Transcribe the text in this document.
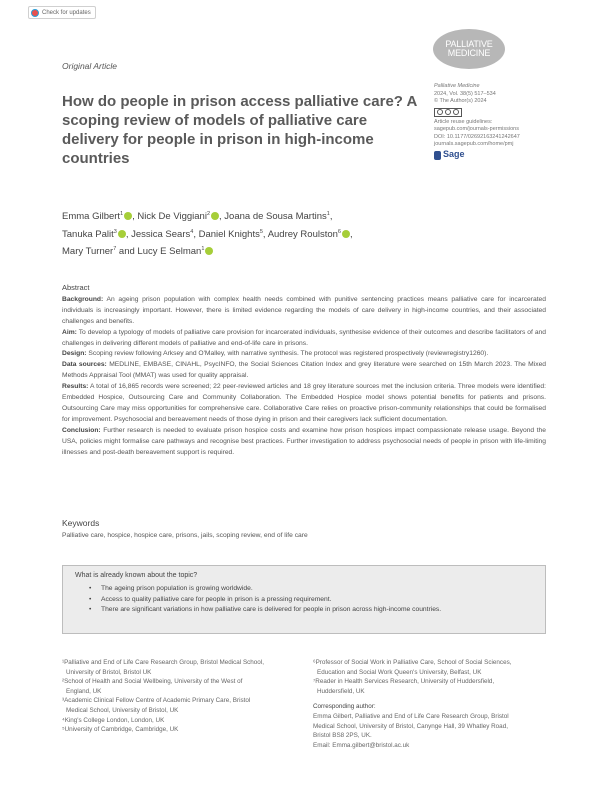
Check for updates
PALLIATIVE
MEDICINE
Original Article
How do people in prison access palliative care? A scoping review of models of palliative care delivery for people in prison in high-income countries
Palliative Medicine
2024, Vol. 38(5) 517–534
© The Author(s) 2024
Article reuse guidelines:
sagepub.com/journals-permissions
DOI: 10.1177/02692163241242647
journals.sagepub.com/home/pmj
Sage
Emma Gilbert$^1$ , Nick De Viggiani$^2$ , Joana de Sousa Martins$^1$,
Tanuka Palit$^3$ , Jessica Sears$^4$, Daniel Knights$^5$, Audrey Roulston$^6$ ,
Mary Turner$^7$ and Lucy E Selman$^1$
Abstract
Background: An ageing prison population with complex health needs combined with punitive sentencing practices means palliative care for incarcerated individuals is increasingly important. However, there is limited evidence regarding the models of care delivery in high-income countries, and their associated challenges and benefits.
Aim: To develop a typology of models of palliative care provision for incarcerated individuals, synthesise evidence of their outcomes and describe facilitators of and challenges in delivering different models of palliative and end-of-life care in prisons.
Design: Scoping review following Arksey and O'Malley, with narrative synthesis. The protocol was registered prospectively (reviewregistry1260).
Data sources: MEDLINE, EMBASE, CINAHL, PsycINFO, the Social Sciences Citation Index and grey literature were searched on 15th March 2023. The Mixed Methods Appraisal Tool (MMAT) was used for quality appraisal.
Results: A total of 16,865 records were screened; 22 peer-reviewed articles and 18 grey literature sources met the inclusion criteria. Three models were identified: Embedded Hospice, Outsourcing Care and Community Collaboration. The Embedded Hospice model shows potential benefits for patients and prisons. Outsourcing Care may miss opportunities for comprehensive care. Collaborative Care relies on proactive prison-community relationships that could be formalised for improvement. Psychosocial and bereavement needs of those dying in prison and their caregivers lack sufficient documentation.
Conclusion: Further research is needed to evaluate prison hospice costs and examine how prison hospices impact compassionate release usage. Beyond the USA, policies might formalise care pathways and recognise best practices. Further investigation to address psychosocial needs of people in prison with life-limiting illnesses and post-death bereavement support is required.
Keywords
Palliative care, hospice, hospice care, prisons, jails, scoping review, end of life care
What is already known about the topic?
• The ageing prison population is growing worldwide.
• Access to quality palliative care for people in prison is a pressing requirement.
• There are significant variations in how palliative care is delivered for people in prison across high-income countries.
¹Palliative and End of Life Care Research Group, Bristol Medical School,
University of Bristol, Bristol UK
²School of Health and Social Wellbeing, University of the West of
England, UK
³Academic Clinical Fellow Centre of Academic Primary Care, Bristol
Medical School, University of Bristol, UK
⁴King's College London, London, UK
⁵University of Cambridge, Cambridge, UK
⁶Professor of Social Work in Palliative Care, School of Social Sciences,
Education and Social Work Queen's University, Belfast, UK
⁷Reader in Health Services Research, University of Huddersfield,
Huddersfield, UK
Corresponding author:
Emma Gilbert, Palliative and End of Life Care Research Group, Bristol
Medical School, University of Bristol, Canynge Hall, 39 Whatley Road,
Bristol BS8 2PS, UK.
Email: Emma.gilbert@bristol.ac.uk
